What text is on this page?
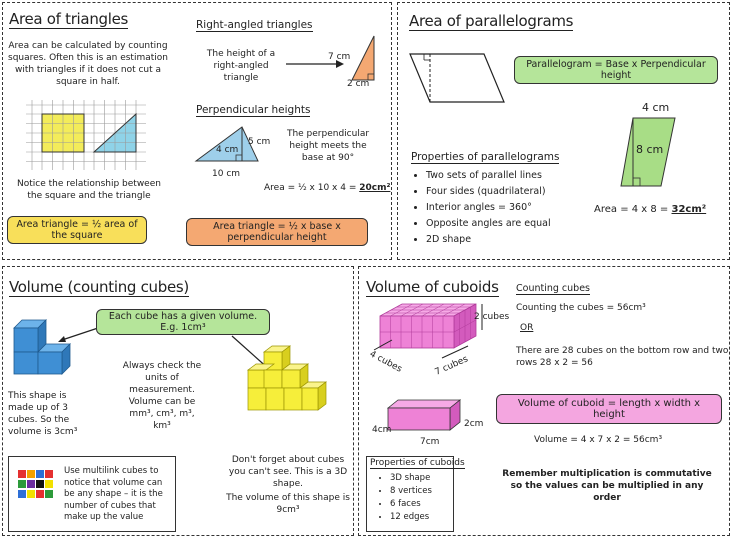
Area of triangles
Area can be calculated by counting squares. Often this is an estimation with triangles if it does not cut a square in half.
Notice the relationship between the square and the triangle
Area triangle = ½ area of the square
Right-angled triangles
The height of a right-angled triangle
7 cm
2 cm
Perpendicular heights
5 cm
4 cm
10 cm
The perpendicular height meets the base at 90°
Area = ½ x 10 x 4 = 20cm²
Area triangle = ½ x base x perpendicular height
Area of parallelograms
Parallelogram = Base x Perpendicular height
4 cm
8 cm
Area = 4 x 8 = 32cm²
Properties of parallelograms
• Two sets of parallel lines
• Four sides (quadrilateral)
• Interior angles = 360°
• Opposite angles are equal
• 2D shape
Volume (counting cubes)
Each cube has a given volume. E.g. 1cm³
This shape is made up of 3 cubes. So the volume is 3cm³
Always check the units of measurement. Volume can be mm³, cm³, m³, km³
Don't forget about cubes you can't see. This is a 3D shape.
The volume of this shape is 9cm³
Use multilink cubes to notice that volume can be any shape – it is the number of cubes that make up the value
Volume of cuboids
2 cubes
4 cubes	7 cubes
Counting cubes
Counting the cubes = 56cm³
OR
There are 28 cubes on the bottom row and two rows 28 x 2 = 56
4cm
2cm
7cm
Volume of cuboid = length x width x height
Volume = 4 x 7 x 2 = 56cm³
Properties of cuboids
• 3D shape
• 8 vertices
• 6 faces
• 12 edges
Remember multiplication is commutative so the values can be multiplied in any order
